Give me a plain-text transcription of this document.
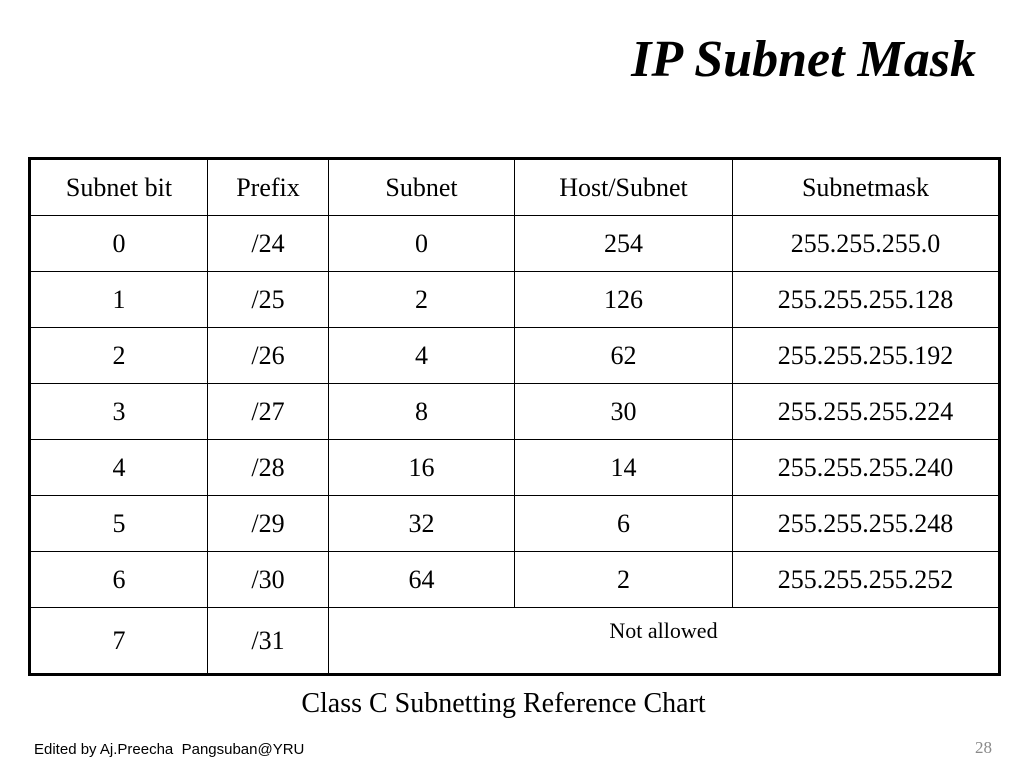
IP Subnet Mask
Subnet bit	Prefix	Subnet	Host/Subnet	Subnetmask
0	/24	0	254	255.255.255.0
1	/25	2	126	255.255.255.128
2	/26	4	62	255.255.255.192
3	/27	8	30	255.255.255.224
4	/28	16	14	255.255.255.240
5	/29	32	6	255.255.255.248
6	/30	64	2	255.255.255.252
7	/31	Not allowed		
Class C Subnetting Reference Chart
Edited by Aj.Preecha  Pangsuban@YRU	28
